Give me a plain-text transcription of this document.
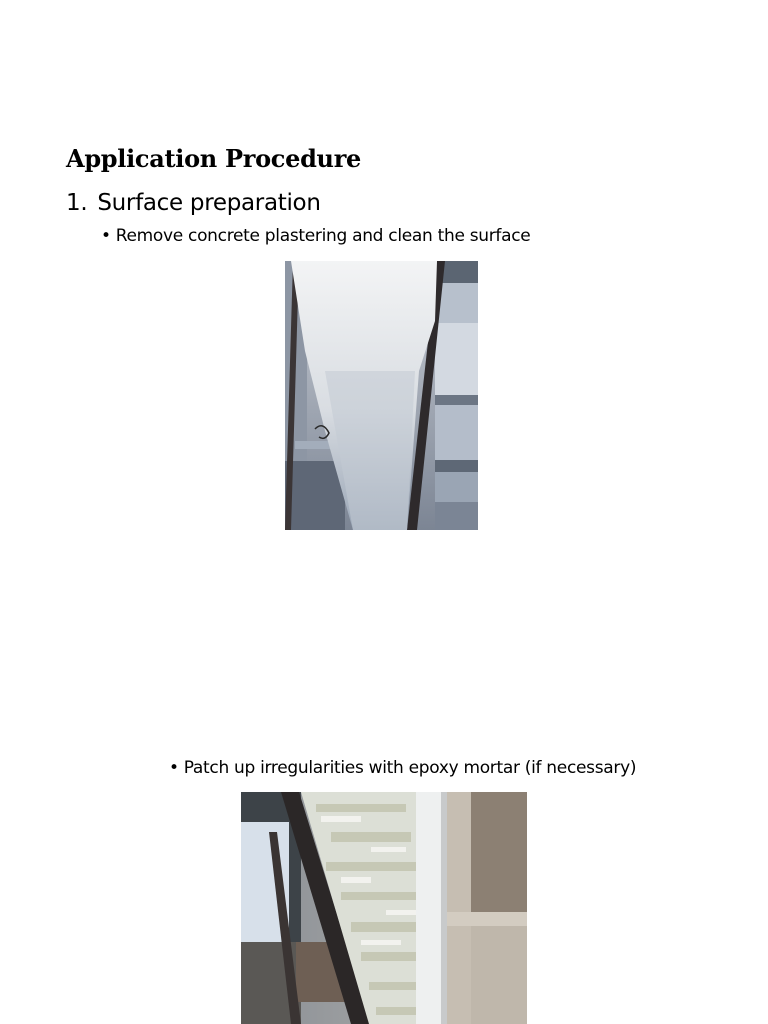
Application Procedure
1. Surface preparation
• Remove concrete plastering and clean the surface
• Patch up irregularities with epoxy mortar (if necessary)
